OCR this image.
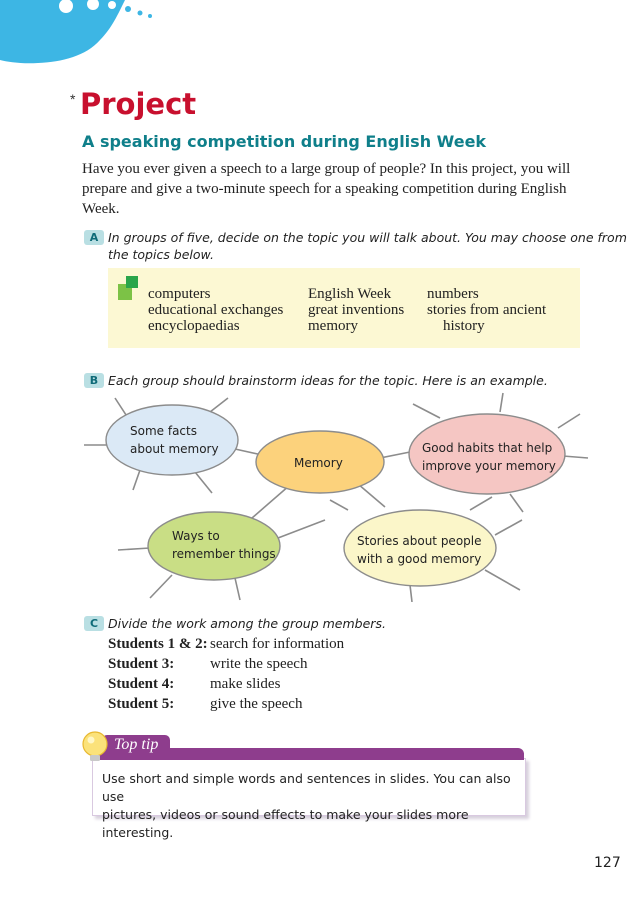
* Project
A speaking competition during English Week
Have you ever given a speech to a large group of people? In this project, you will prepare and give a two-minute speech for a speaking competition during English Week.
A In groups of five, decide on the topic you will talk about. You may choose one from
the topics below.
computers
educational exchanges
encyclopaedias
English Week
great inventions
memory
numbers
stories from ancient
history
B Each group should brainstorm ideas for the topic. Here is an example.
Some facts
about memory
Memory
Good habits that help
improve your memory
Ways to
remember things
Stories about people
with a good memory
C Divide the work among the group members.
Students 1 & 2: search for information
Student 3: write the speech
Student 4: make slides
Student 5: give the speech
Top tip
Use short and simple words and sentences in slides. You can also use
pictures, videos or sound effects to make your slides more interesting.
127
